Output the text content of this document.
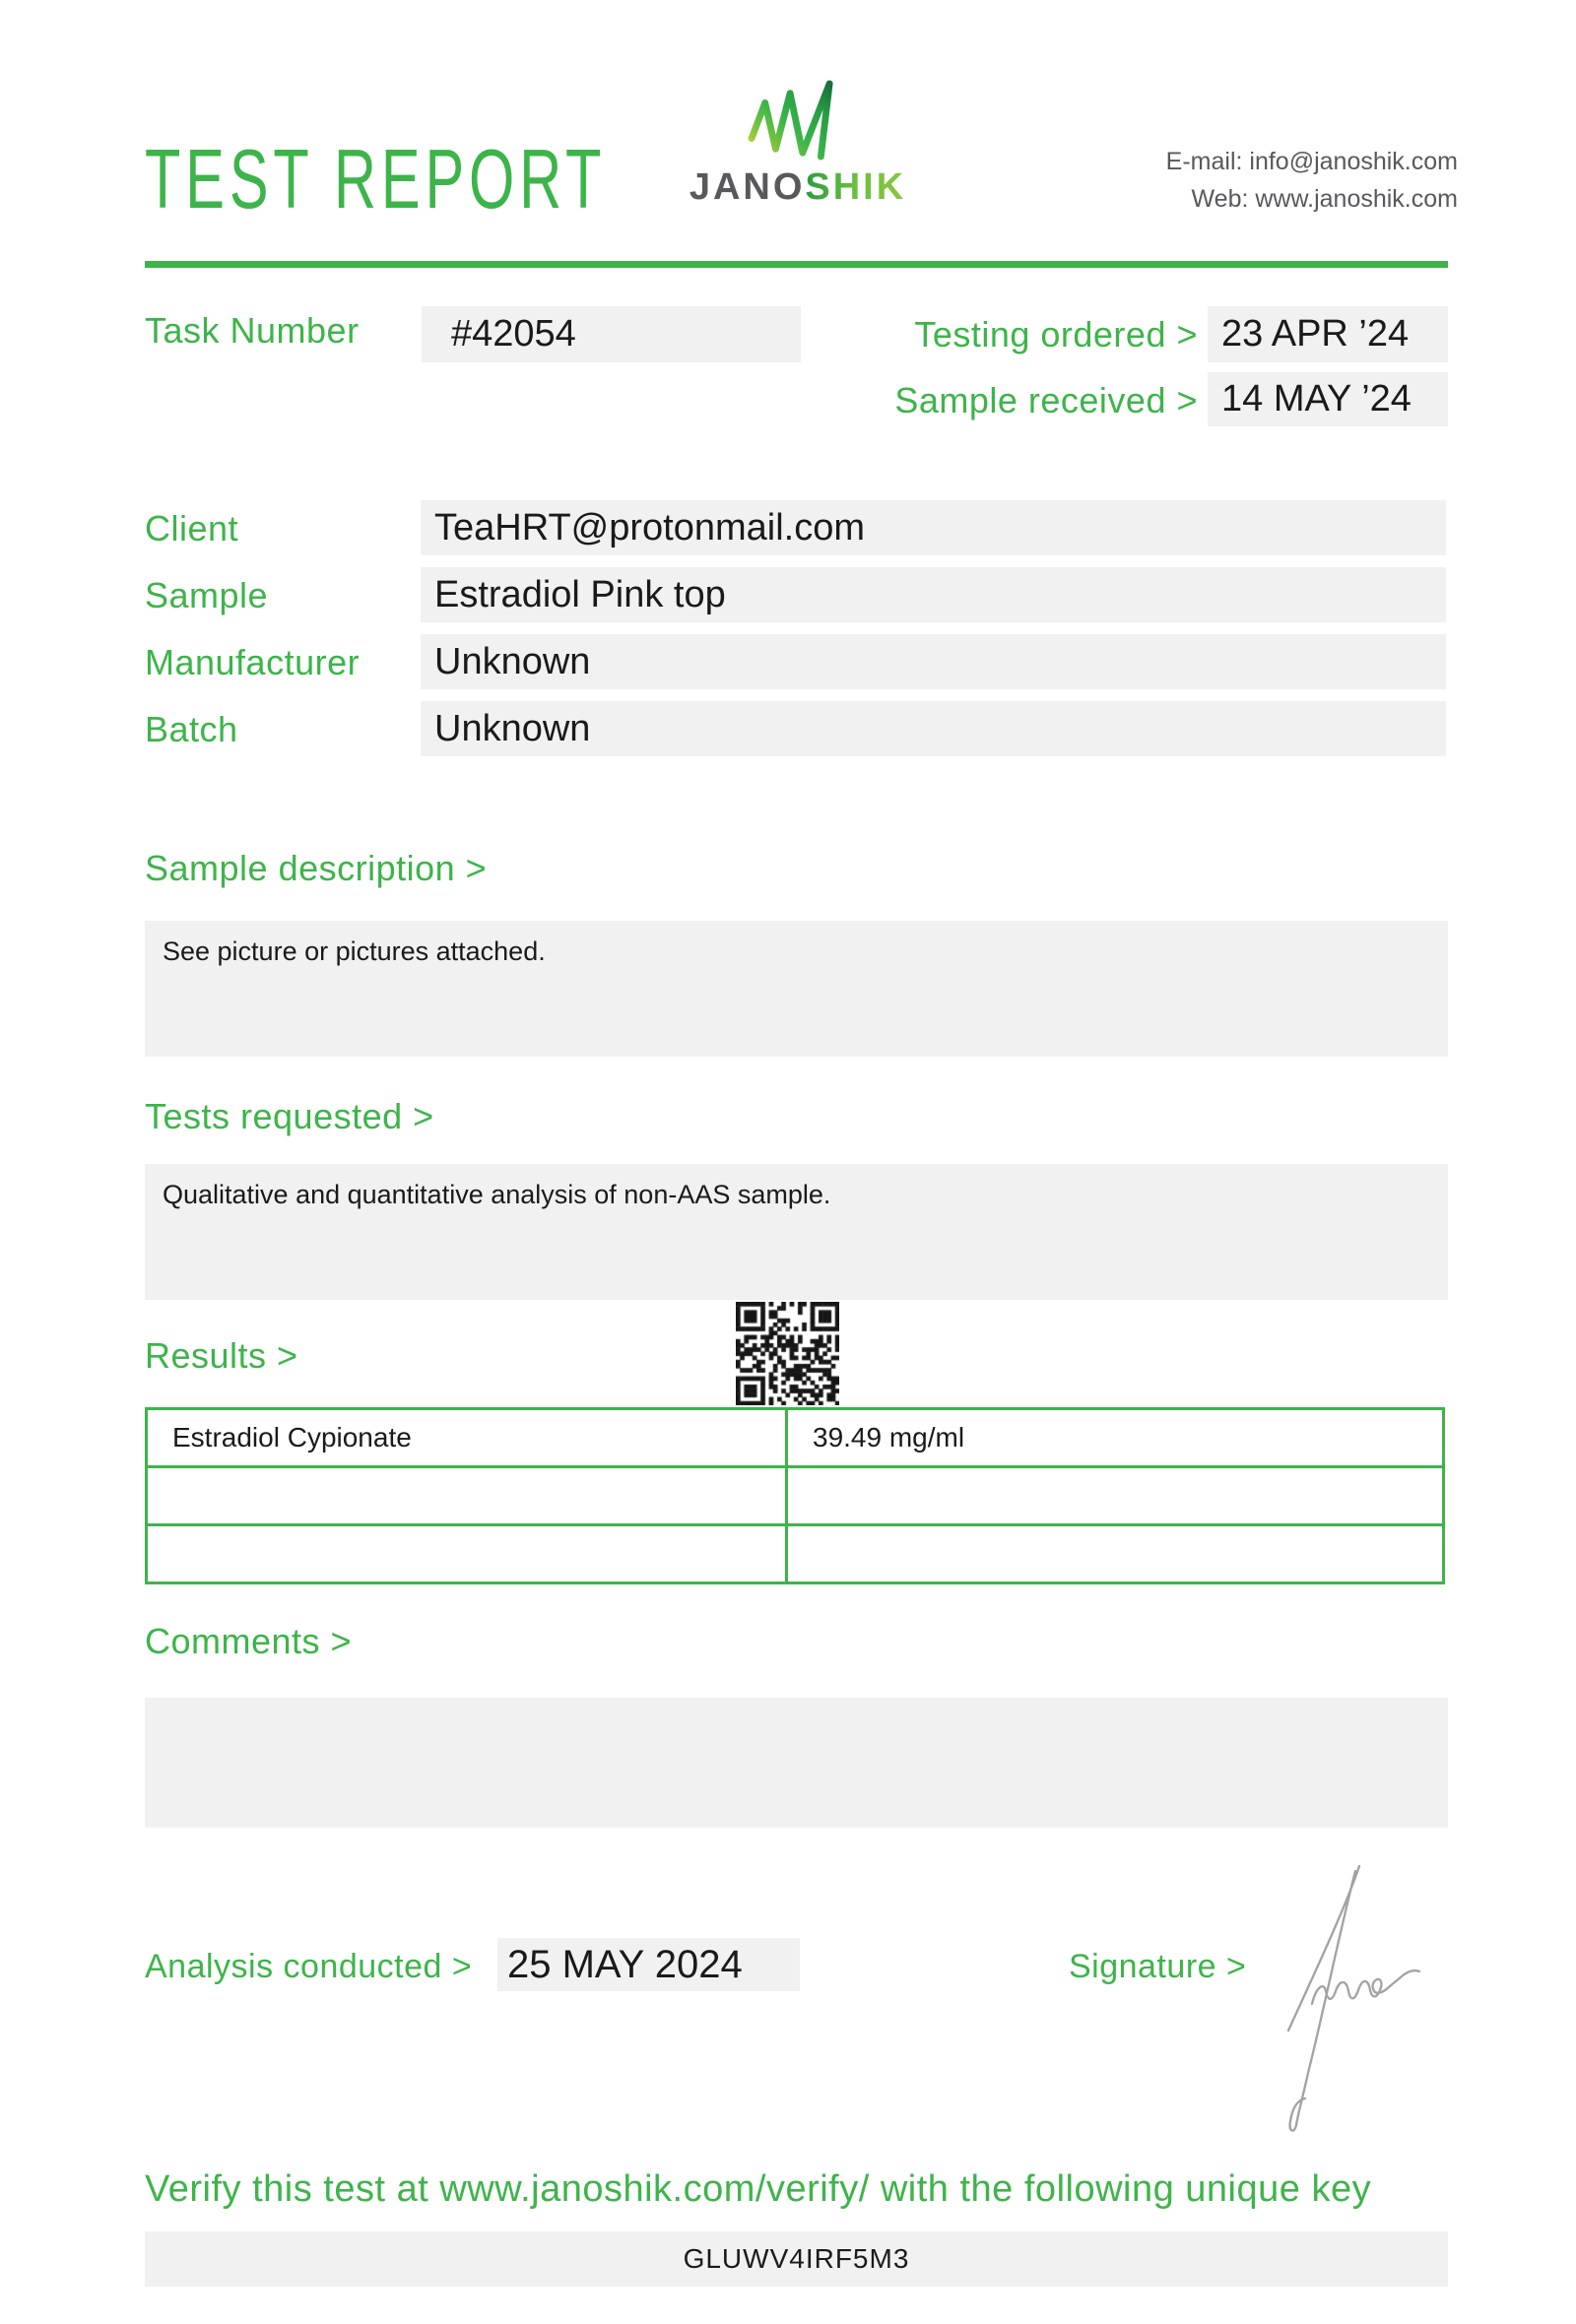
TEST REPORT JANOSHIK
E-mail: info@janoshik.com
Web: www.janoshik.com
Task Number	#42054	Testing ordered > 23 APR ’24
Sample received > 14 MAY ’24
Client	TeaHRT@protonmail.com
Sample	Estradiol Pink top
Manufacturer	Unknown
Batch	Unknown
Sample description >
See picture or pictures attached.
Tests requested >
Qualitative and quantitative analysis of non-AAS sample.
Results >
Estradiol Cypionate	39.49 mg/ml

Comments >
Analysis conducted > 25 MAY 2024	Signature >
Verify this test at www.janoshik.com/verify/ with the following unique key
GLUWV4IRF5M3
